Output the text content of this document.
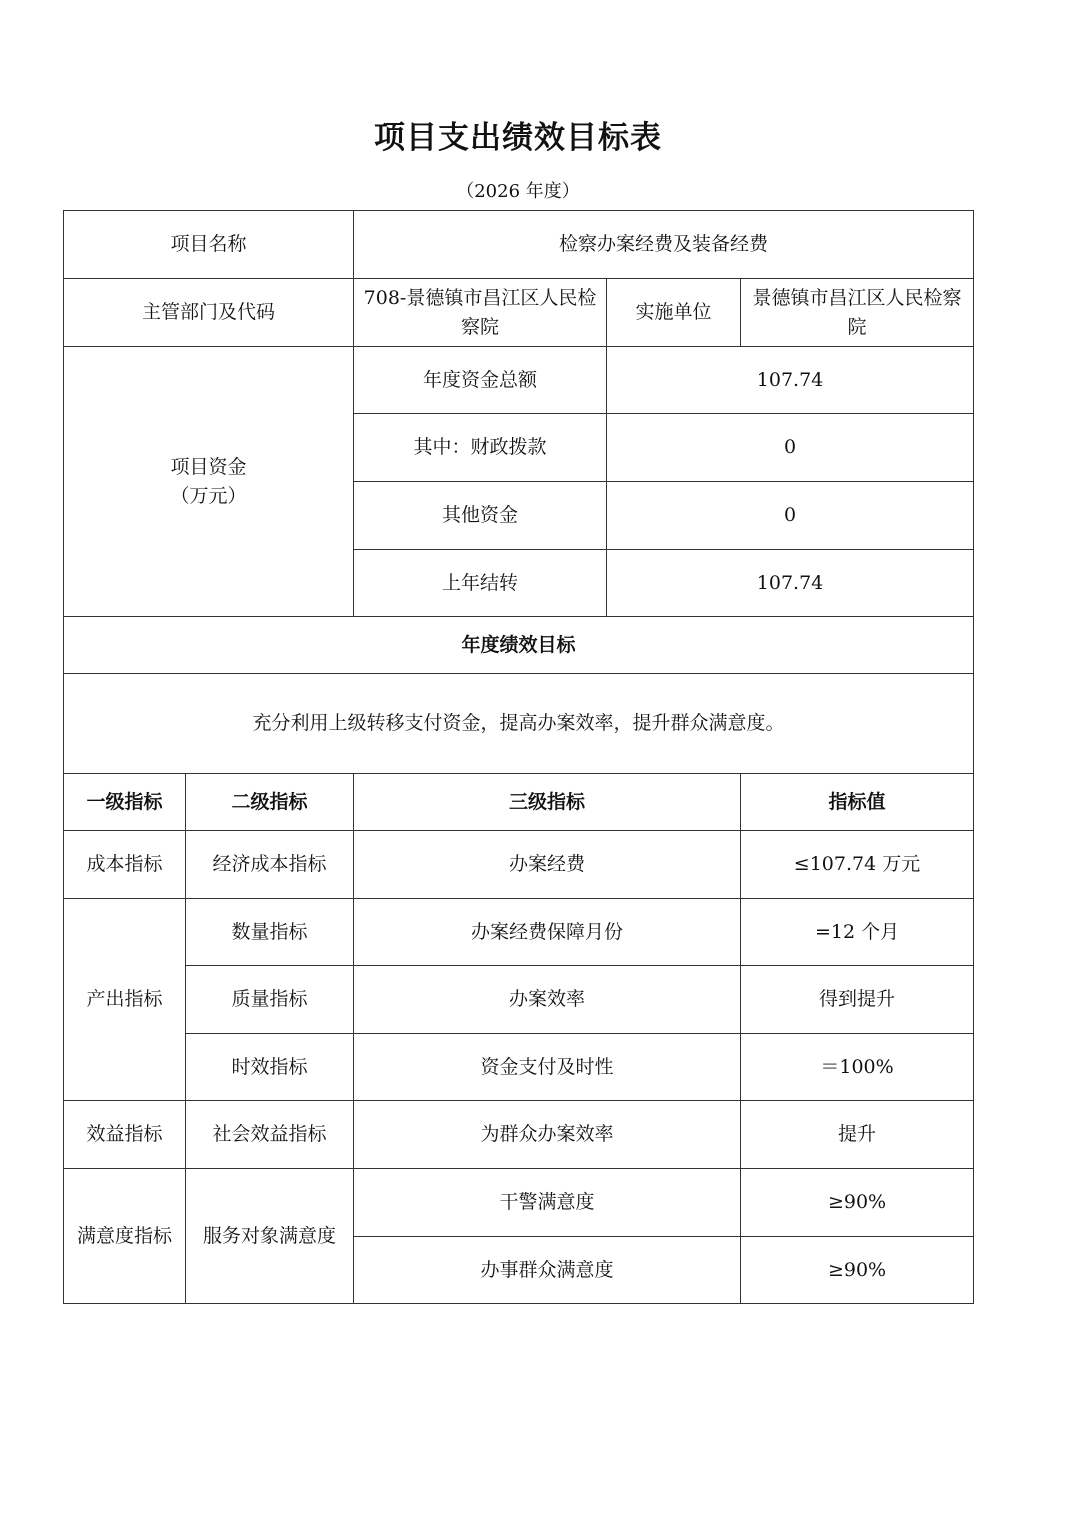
项目支出绩效目标表
（2026 年度）
项目名称		检察办案经费及装备经费		
主管部门及代码		708-景德镇市昌江区人民检察院	实施单位	景德镇市昌江区人民检察院

项目资金
（万元）		年度资金总额	107.74	
		其中：财政拨款	0	
		其他资金	0	
		上年结转	107.74	
年度绩效目标				
充分利用上级转移支付资金，提高办案效率，提升群众满意度。				
一级指标	二级指标	三级指标		指标值
成本指标	经济成本指标	办案经费		≤107.74 万元
产出指标	数量指标	办案经费保障月份		=12 个月
	质量指标	办案效率		得到提升
	时效指标	资金支付及时性		＝100%
效益指标	社会效益指标	为群众办案效率		提升
满意度指标	服务对象满意度	干警满意度		≥90%
		办事群众满意度		≥90%
